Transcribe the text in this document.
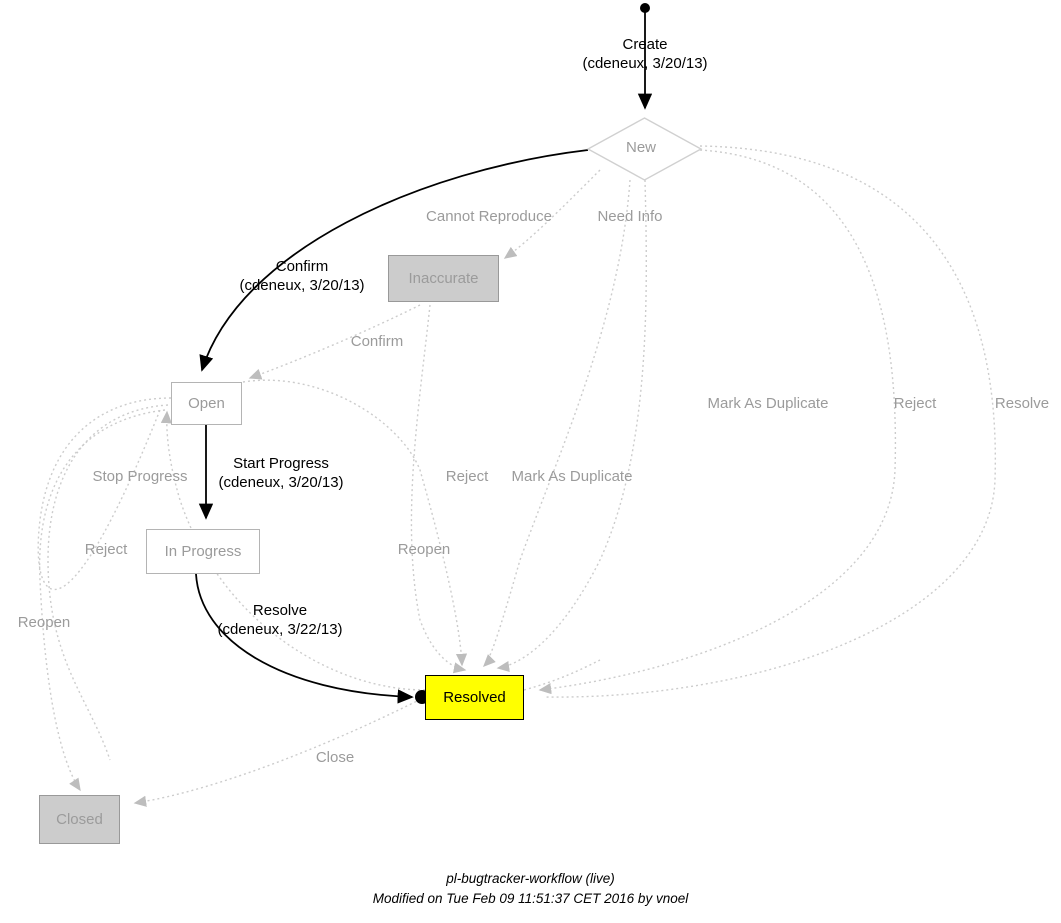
New
Inaccurate
Open
In Progress
Resolved
Closed
Create
(cdeneux, 3/20/13)
Cannot Reproduce	Need Info
Confirm
(cdeneux, 3/20/13)
Confirm
Mark As Duplicate	Reject	Resolve
Start Progress
(cdeneux, 3/20/13)
Stop Progress	Reject Mark As Duplicate
Reject	Reopen
Resolve
(cdeneux, 3/22/13)
Reopen
Close
pl-bugtracker-workflow (live)
Modified on Tue Feb 09 11:51:37 CET 2016 by vnoel
